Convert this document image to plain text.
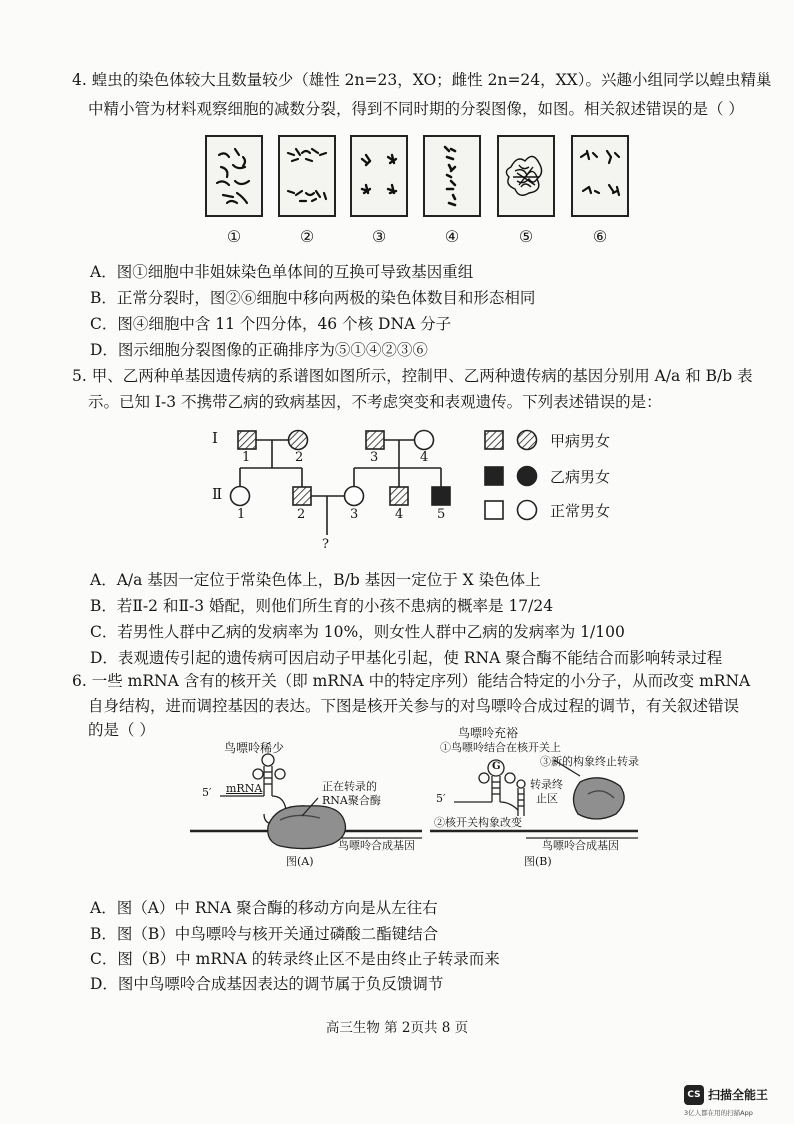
4. 蝗虫的染色体较大且数量较少（雄性 2n=23，XO；雌性 2n=24，XX）。兴趣小组同学以蝗虫精巢
中精小管为材料观察细胞的减数分裂，得到不同时期的分裂图像，如图。相关叙述错误的是（ ）
①	②	③	④	⑤	⑥
A．图①细胞中非姐妹染色单体间的互换可导致基因重组
B．正常分裂时，图②⑥细胞中移向两极的染色体数目和形态相同
C．图④细胞中含 11 个四分体，46 个核 DNA 分子
D．图示细胞分裂图像的正确排序为⑤①④②③⑥
5. 甲、乙两种单基因遗传病的系谱图如图所示，控制甲、乙两种遗传病的基因分别用 A/a 和 B/b 表
示。已知 Ⅰ-3 不携带乙病的致病基因，不考虑突变和表观遗传。下列表述错误的是：
Ⅰ
Ⅱ
1	2	3	4
1	2	3	4	5
?
甲病男女
乙病男女
正常男女
A．A/a 基因一定位于常染色体上，B/b 基因一定位于 X 染色体上
B．若Ⅱ-2 和Ⅱ-3 婚配，则他们所生育的小孩不患病的概率是 17/24
C．若男性人群中乙病的发病率为 10%，则女性人群中乙病的发病率为 1/100
D．表观遗传引起的遗传病可因启动子甲基化引起，使 RNA 聚合酶不能结合而影响转录过程
6. 一些 mRNA 含有的核开关（即 mRNA 中的特定序列）能结合特定的小分子，从而改变 mRNA
自身结构，进而调控基因的表达。下图是核开关参与的对鸟嘌呤合成过程的调节，有关叙述错误
的是（ ）
鸟嘌呤稀少
5′ mRNA	正在转录的
RNA聚合酶
鸟嘌呤合成基因
图(A)
鸟嘌呤充裕
①鸟嘌呤结合在核开关上
G
5′
转录终
止区
②核开关构象改变
③新的构象终止转录
鸟嘌呤合成基因
图(B)
A．图（A）中 RNA 聚合酶的移动方向是从左往右
B．图（B）中鸟嘌呤与核开关通过磷酸二酯键结合
C．图（B）中 mRNA 的转录终止区不是由终止子转录而来
D．图中鸟嘌呤合成基因表达的调节属于负反馈调节
高三生物 第 2页共 8 页
CS 扫描全能王
3亿人都在用的扫描App
